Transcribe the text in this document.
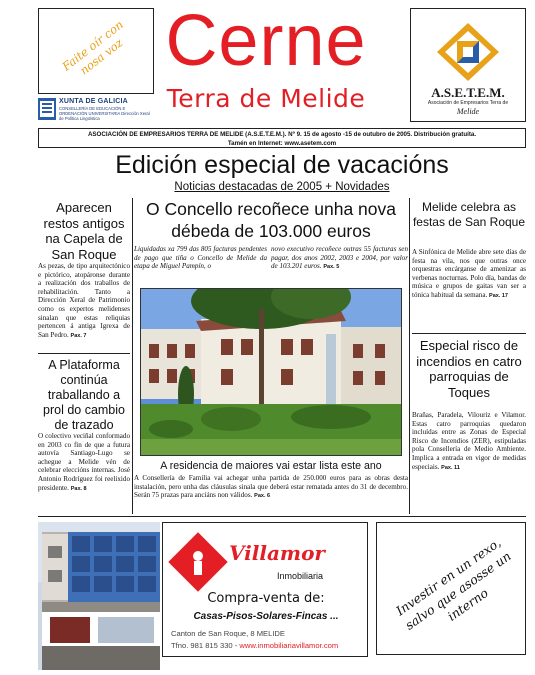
Faite oír con nosa voz
XUNTA DE GALICIA
CONSELLERÍA DE EDUCACIÓN E ORDENACIÓN UNIVERSITARIA Dirección Xeral de Política Lingüística
Cerne
Terra de Melide	A.S.E.T.E.M.
Asociación de Empresarios Terra de
Melide
ASOCIACIÓN DE EMPRESARIOS TERRA DE MELIDE (A.S.E.T.E.M.). Nº 9. 15 de agosto -15 de outubro de 2005. Distribución gratuíta.
Tamén en Internet: www.asetem.com
Edición especial de vacacións
Noticias destacadas de 2005 + Novidades
Aparecen restos antigos na Capela de San Roque
As pezas, de tipo arquitectónico e pictórico, atopáronse durante a realización dos traballos de rehabilitación. Tanto a Dirección Xeral de Patrimonio como os expertos melidenses sinalan que estas reliquias pertencen á antiga Igrexa de San Pedro. Pax. 7
A Plataforma continúa traballando a prol do cambio de trazado
O colectivo veciñal conformado en 2003 co fin de que a futura autovía Santiago-Lugo se achegue a Melide vén de celebrar eleccións internas. José Antonio Rodríguez foi reelixido presidente. Pax. 8
O Concello recoñece unha nova débeda de 103.000 euros
Liquidadas xa 799 das 805 facturas pendentes de pago que tiña o Concello de Melide da etapa de Miguel Pampín, o
novo executivo recoñece outras 55 facturas sen pagar, dos anos 2002, 2003 e 2004, por valor de 103.201 euros. Pax. 5
A residencia de maiores vai estar lista este ano
A Consellería de Familia vai achegar unha partida de 250.000 euros para as obras desta instalación, pero unha das cláusulas sinala que deberá estar rematada antes do 31 de decembro. Serán 75 prazas para anciáns non válidos. Pax. 6
Melide celebra as festas de San Roque
A Sinfónica de Melide abre sete días de festa na vila, nos que outras once orquestras encárganse de amenizar as verbenas nocturnas. Polo día, bandas de música e grupos de gaitas van ser a tónica habitual da semana. Pax. 17
Especial risco de incendios en catro parroquias de Toques
Brañas, Paradela, Vilouriz e Vilamor. Estas catro parroquias quedaron incluídas entre as Zonas de Especial Risco de Incendios (ZER), estipuladas pola Consellería de Medio Ambiente. Implica a entrada en vigor de medidas especiais. Pax. 11
Villamor
Inmobiliaria
Compra-venta de:
Casas-Pisos-Solares-Fincas ...
Canton de San Roque, 8 MELIDE
Tfno. 981 815 330 - www.inmobiliariavillamor.com
Investir en un rexo, salvo que asosse un interno
